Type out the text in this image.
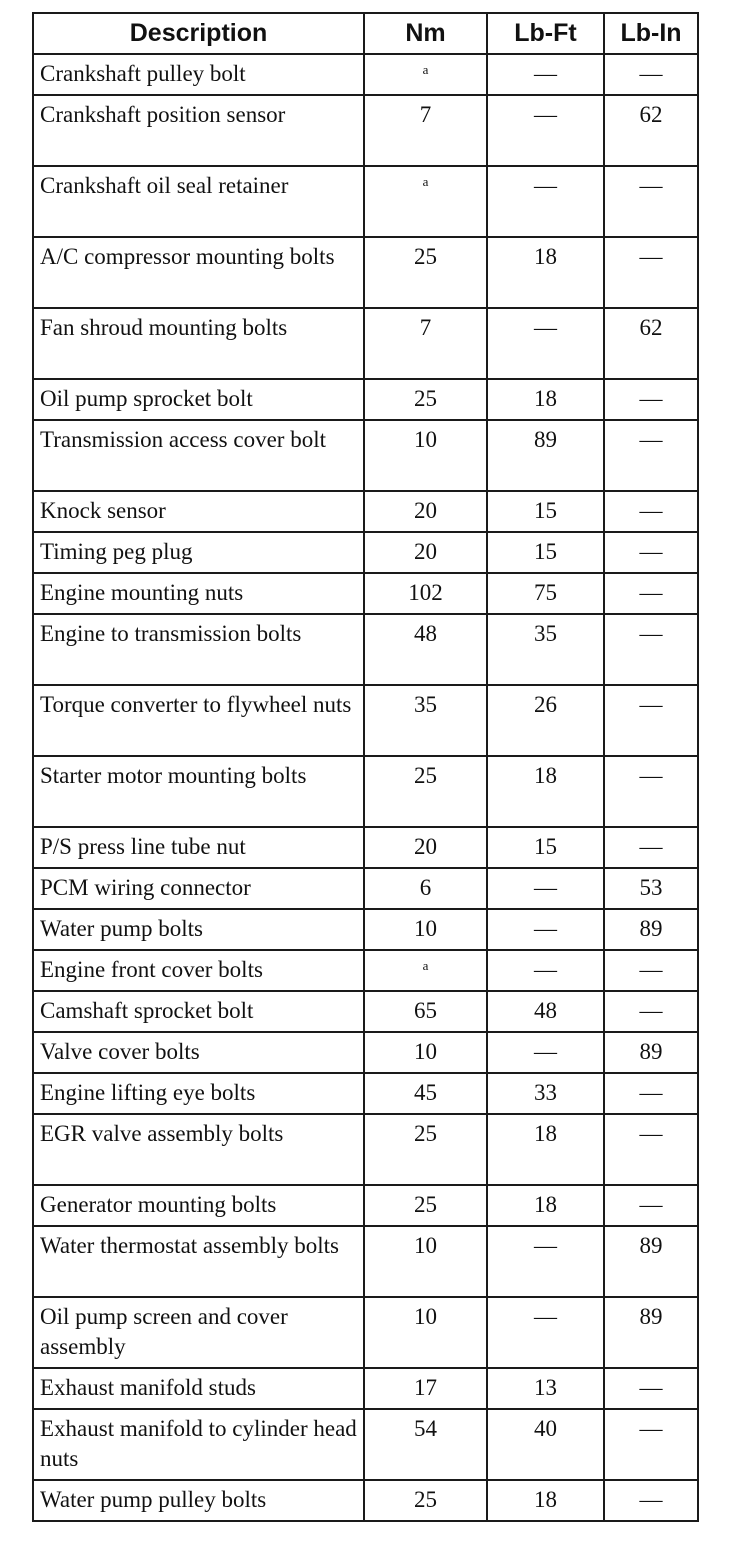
Description	Nm	Lb-Ft	Lb-In
Crankshaft pulley bolt	$^a$	—	—
Crankshaft position sensor	7	—	62
Crankshaft oil seal retainer	$^a$	—	—
A/C compressor mounting bolts	25	18	—
Fan shroud mounting bolts	7	—	62
Oil pump sprocket bolt	25	18	—
Transmission access cover bolt	10	89	—
Knock sensor	20	15	—
Timing peg plug	20	15	—
Engine mounting nuts	102	75	—
Engine to transmission bolts	48	35	—
Torque converter to flywheel nuts	35	26	—
Starter motor mounting bolts	25	18	—
P/S press line tube nut	20	15	—
PCM wiring connector	6	—	53
Water pump bolts	10	—	89
Engine front cover bolts	$^a$	—	—
Camshaft sprocket bolt	65	48	—
Valve cover bolts	10	—	89
Engine lifting eye bolts	45	33	—
EGR valve assembly bolts	25	18	—
Generator mounting bolts	25	18	—
Water thermostat assembly bolts	10	—	89
Oil pump screen and cover assembly	10	—	89
Exhaust manifold studs	17	13	—
Exhaust manifold to cylinder head nuts	54	40	—
Water pump pulley bolts	25	18	—
